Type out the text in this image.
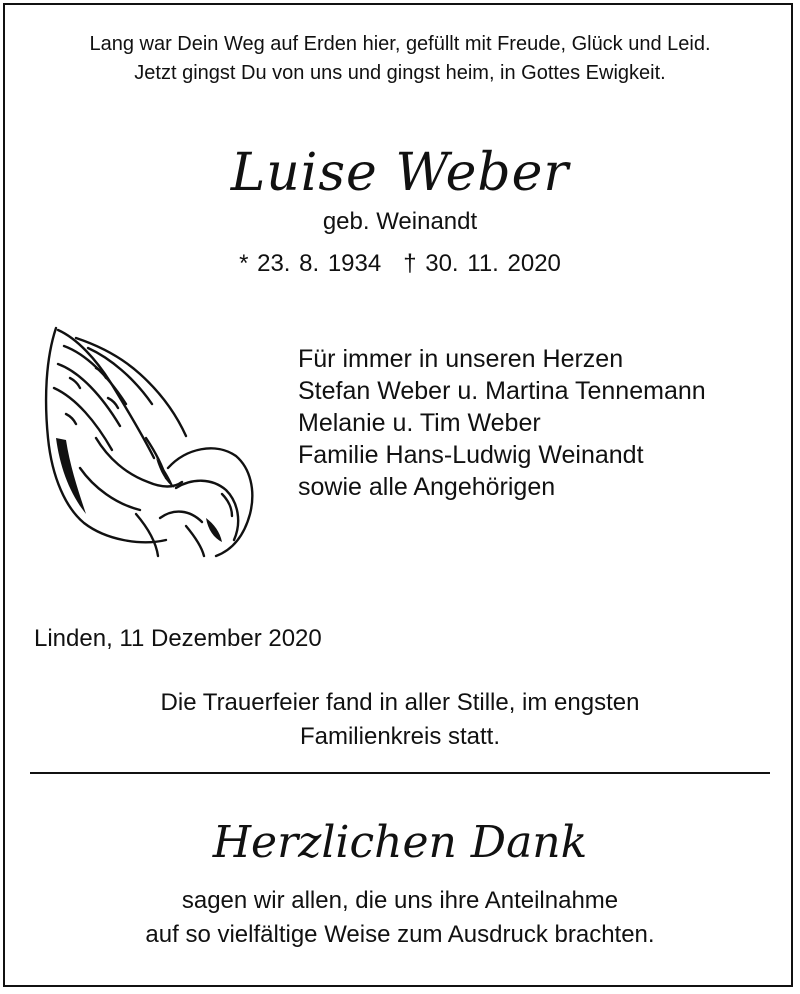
Lang war Dein Weg auf Erden hier, gefüllt mit Freude, Glück und Leid.
Jetzt gingst Du von uns und gingst heim, in Gottes Ewigkeit.
Luise Weber
geb. Weinandt
* 23. 8. 1934 † 30. 11. 2020
Für immer in unseren Herzen
Stefan Weber u. Martina Tennemann
Melanie u. Tim Weber
Familie Hans-Ludwig Weinandt
sowie alle Angehörigen
Linden, 11 Dezember 2020
Die Trauerfeier fand in aller Stille, im engsten
Familienkreis statt.
Herzlichen Dank
sagen wir allen, die uns ihre Anteilnahme
auf so vielfältige Weise zum Ausdruck brachten.
